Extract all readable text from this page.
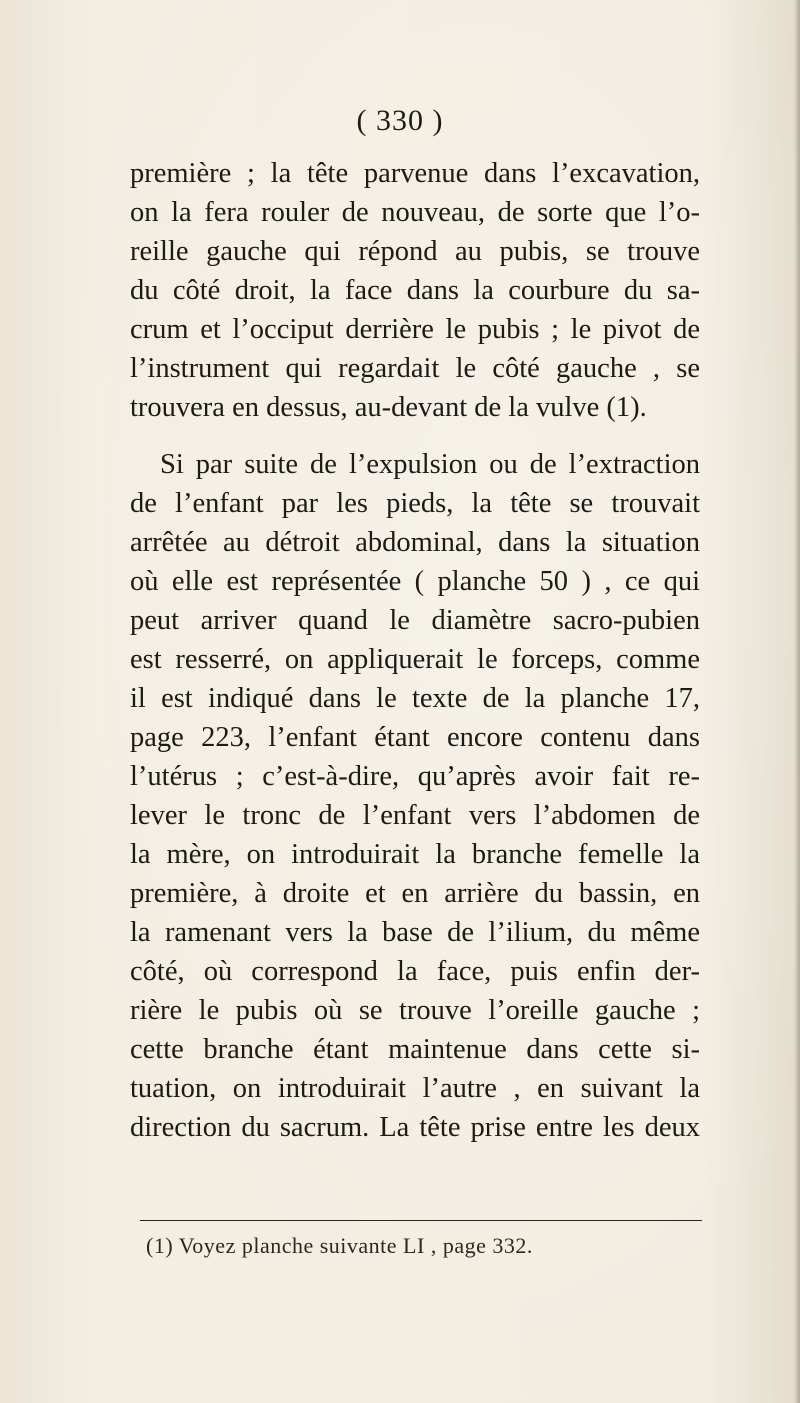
( 330 )
première ; la tête parvenue dans l’excavation,
on la fera rouler de nouveau, de sorte que l’o-
reille gauche qui répond au pubis, se trouve
du côté droit, la face dans la courbure du sa-
crum et l’occiput derrière le pubis ; le pivot de
l’instrument qui regardait le côté gauche , se
trouvera en dessus, au-devant de la vulve (1).
Si par suite de l’expulsion ou de l’extraction
de l’enfant par les pieds, la tête se trouvait
arrêtée au détroit abdominal, dans la situation
où elle est représentée ( planche 50 ) , ce qui
peut arriver quand le diamètre sacro-pubien
est resserré, on appliquerait le forceps, comme
il est indiqué dans le texte de la planche 17,
page 223, l’enfant étant encore contenu dans
l’utérus ; c’est-à-dire, qu’après avoir fait re-
lever le tronc de l’enfant vers l’abdomen de
la mère, on introduirait la branche femelle la
première, à droite et en arrière du bassin, en
la ramenant vers la base de l’ilium, du même
côté, où correspond la face, puis enfin der-
rière le pubis où se trouve l’oreille gauche ;
cette branche étant maintenue dans cette si-
tuation, on introduirait l’autre , en suivant la
direction du sacrum. La tête prise entre les deux
(1) Voyez planche suivante LI , page 332.
